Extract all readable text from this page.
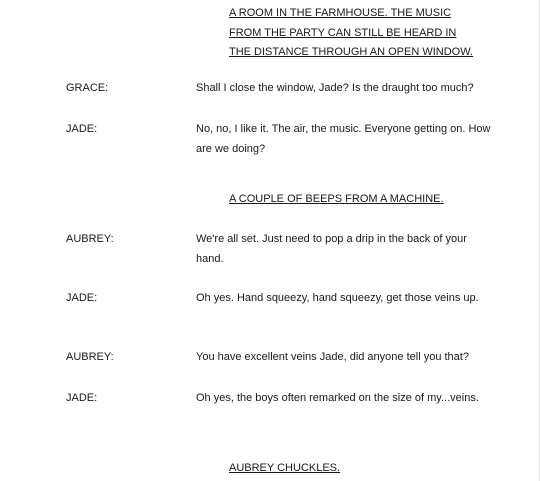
A ROOM IN THE FARMHOUSE. THE MUSIC
FROM THE PARTY CAN STILL BE HEARD IN
THE DISTANCE THROUGH AN OPEN WINDOW.
GRACE:	Shall I close the window, Jade? Is the draught too much?
JADE:	No, no, I like it. The air, the music. Everyone getting on. How are we doing?
A COUPLE OF BEEPS FROM A MACHINE.
AUBREY:	We're all set. Just need to pop a drip in the back of your hand.
JADE:	Oh yes. Hand squeezy, hand squeezy, get those veins up.
AUBREY:	You have excellent veins Jade, did anyone tell you that?
JADE:	Oh yes, the boys often remarked on the size of my...veins.
AUBREY CHUCKLES.
